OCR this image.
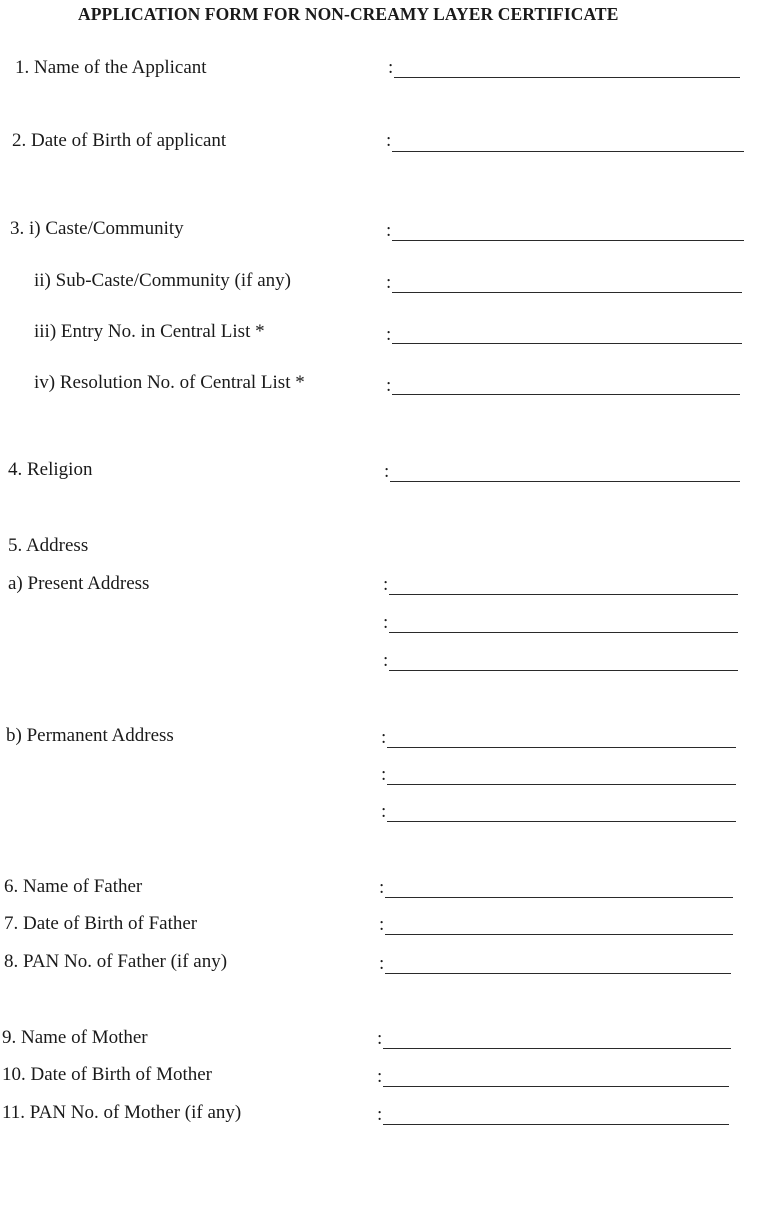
APPLICATION FORM FOR NON-CREAMY LAYER CERTIFICATE
1. Name of the Applicant	:
2. Date of Birth of applicant	:
3. i) Caste/Community	:
ii) Sub-Caste/Community (if any)	:
iii) Entry No. in Central List *	:
iv) Resolution No. of Central List *	:
4. Religion	:
5. Address
a) Present Address	:
:
:
b) Permanent Address	:
:
:
6. Name of Father	:
7. Date of Birth of Father	:
8. PAN No. of Father (if any)	:
9. Name of Mother	:
10. Date of Birth of Mother	:
11. PAN No. of Mother (if any)	:
